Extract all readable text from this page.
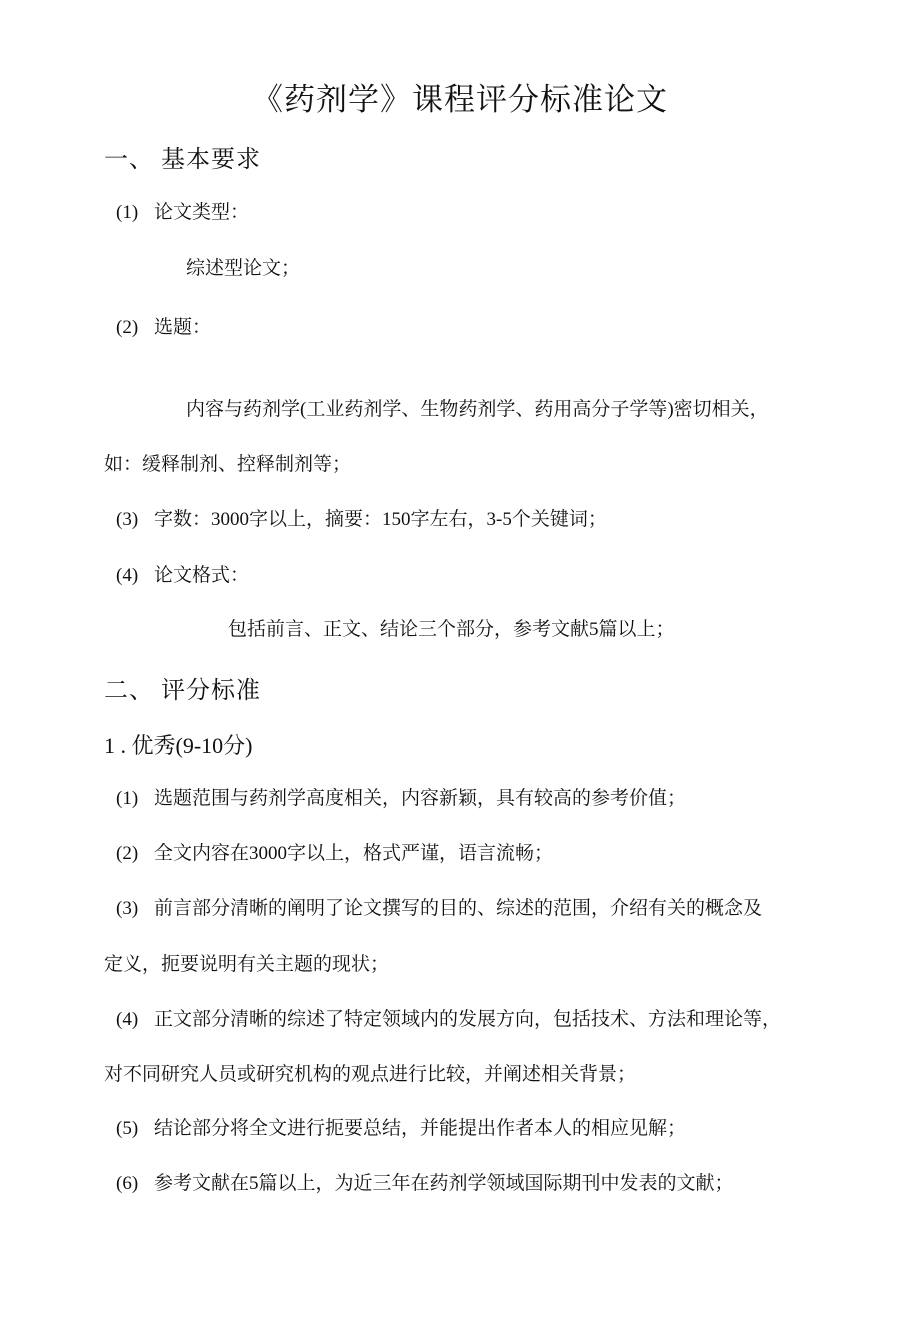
《药剂学》课程评分标准论文
一、 基本要求
(1) 论文类型：
综述型论文；
(2) 选题：
内容与药剂学(工业药剂学、生物药剂学、药用高分子学等)密切相关，
如：缓释制剂、控释制剂等；
(3) 字数：3000字以上，摘要：150字左右，3-5个关键词；
(4) 论文格式：
包括前言、正文、结论三个部分，参考文献5篇以上；
二、 评分标准
1 . 优秀(9-10分)
(1) 选题范围与药剂学高度相关，内容新颖，具有较高的参考价值；
(2) 全文内容在3000字以上，格式严谨，语言流畅；
(3) 前言部分清晰的阐明了论文撰写的目的、综述的范围，介绍有关的概念及
定义，扼要说明有关主题的现状；
(4) 正文部分清晰的综述了特定领域内的发展方向，包括技术、方法和理论等，
对不同研究人员或研究机构的观点进行比较，并阐述相关背景；
(5) 结论部分将全文进行扼要总结，并能提出作者本人的相应见解；
(6) 参考文献在5篇以上，为近三年在药剂学领域国际期刊中发表的文献；
